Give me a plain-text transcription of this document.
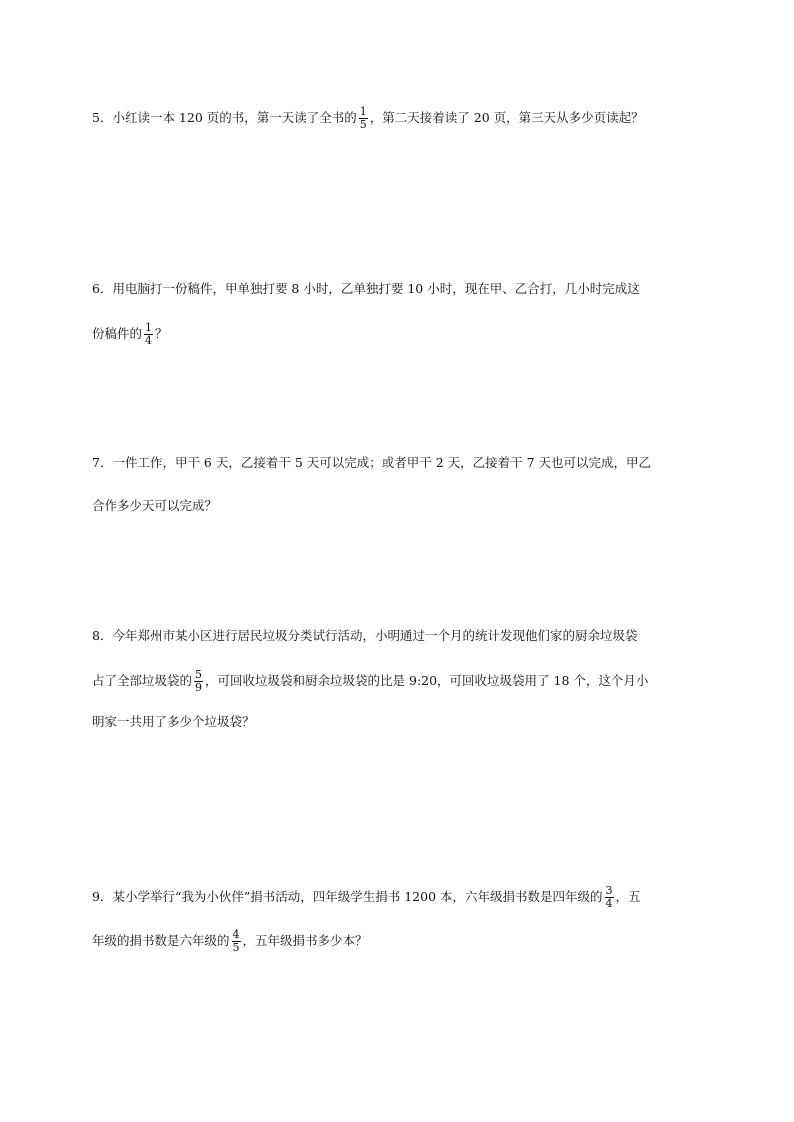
5．小红读一本 120 页的书，第一天读了全书的 $\frac{1}{5}$ ，第二天接着读了 20 页，第三天从多少页读起？
6．用电脑打一份稿件，甲单独打要 8 小时，乙单独打要 10 小时，现在甲、乙合打，几小时完成这
份稿件的 $\frac{1}{4}$ ？
7．一件工作，甲干 6 天，乙接着干 5 天可以完成；或者甲干 2 天，乙接着干 7 天也可以完成，甲乙
合作多少天可以完成？
8．今年郑州市某小区进行居民垃圾分类试行活动，小明通过一个月的统计发现他们家的厨余垃圾袋
占了全部垃圾袋的 $\frac{5}{9}$ ，可回收垃圾袋和厨余垃圾袋的比是 9:20，可回收垃圾袋用了 18 个，这个月小
明家一共用了多少个垃圾袋？
9．某小学举行“我为小伙伴”捐书活动，四年级学生捐书 1200 本，六年级捐书数是四年级的 $\frac{3}{4}$ ，五
年级的捐书数是六年级的 $\frac{4}{5}$ ，五年级捐书多少本？
